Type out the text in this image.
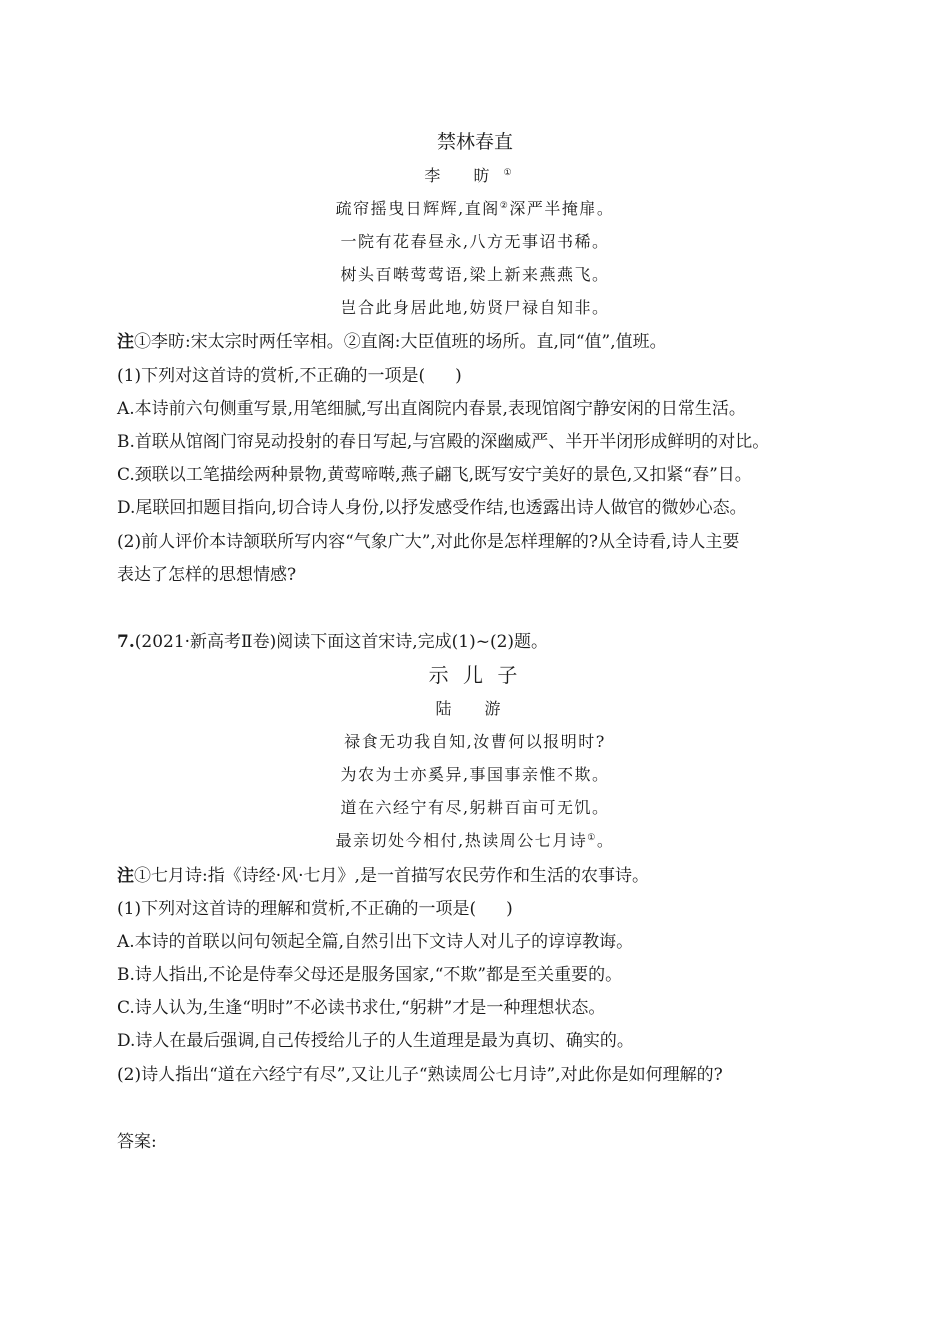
禁林春直
李 昉①
疏帘摇曳日辉辉,直阁②深严半掩扉。
一院有花春昼永,八方无事诏书稀。
树头百啭莺莺语,梁上新来燕燕飞。
岂合此身居此地,妨贤尸禄自知非。
注①李昉:宋太宗时两任宰相。②直阁:大臣值班的场所。直,同“值”,值班。
(1)下列对这首诗的赏析,不正确的一项是( )
A.本诗前六句侧重写景,用笔细腻,写出直阁院内春景,表现馆阁宁静安闲的日常生活。
B.首联从馆阁门帘晃动投射的春日写起,与宫殿的深幽威严、半开半闭形成鲜明的对比。
C.颈联以工笔描绘两种景物,黄莺啼啭,燕子翩飞,既写安宁美好的景色,又扣紧“春”日。
D.尾联回扣题目指向,切合诗人身份,以抒发感受作结,也透露出诗人做官的微妙心态。
(2)前人评价本诗颔联所写内容“气象广大”,对此你是怎样理解的?从全诗看,诗人主要
表达了怎样的思想情感?
7.(2021·新高考Ⅱ卷)阅读下面这首宋诗,完成(1)~(2)题。
示 儿 子
陆 游
禄食无功我自知,汝曹何以报明时?
为农为士亦奚异,事国事亲惟不欺。
道在六经宁有尽,躬耕百亩可无饥。
最亲切处今相付,热读周公七月诗①。
注①七月诗:指《诗经·风·七月》,是一首描写农民劳作和生活的农事诗。
(1)下列对这首诗的理解和赏析,不正确的一项是( )
A.本诗的首联以问句领起全篇,自然引出下文诗人对儿子的谆谆教诲。
B.诗人指出,不论是侍奉父母还是服务国家,“不欺”都是至关重要的。
C.诗人认为,生逢“明时”不必读书求仕,“躬耕”才是一种理想状态。
D.诗人在最后强调,自己传授给儿子的人生道理是最为真切、确实的。
(2)诗人指出“道在六经宁有尽”,又让儿子“熟读周公七月诗”,对此你是如何理解的?
答案:
